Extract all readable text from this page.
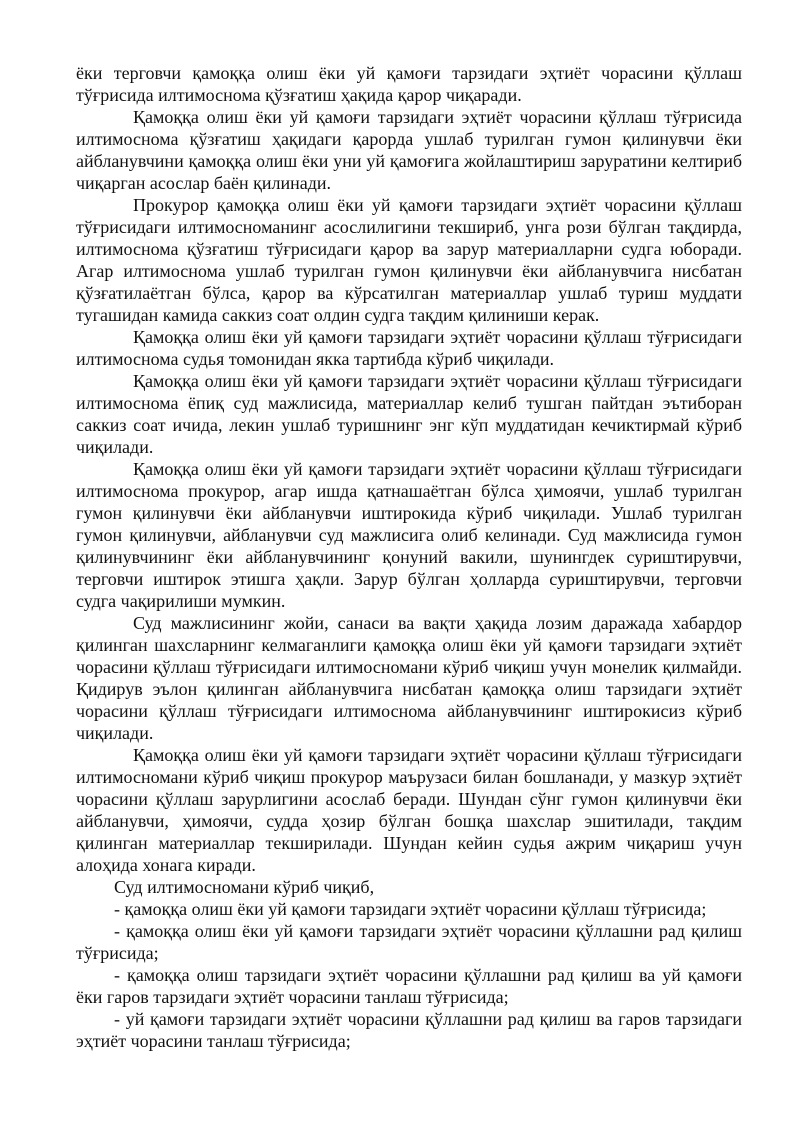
ёки терговчи қамоққа олиш ёки уй қамоғи тарзидаги эҳтиёт чорасини қўллаш тўғрисида илтимоснома қўзғатиш ҳақида қарор чиқаради.

Қамоққа олиш ёки уй қамоғи тарзидаги эҳтиёт чорасини қўллаш тўғрисида илтимоснома қўзғатиш ҳақидаги қарорда ушлаб турилган гумон қилинувчи ёки айбланувчини қамоққа олиш ёки уни уй қамоғига жойлаштириш заруратини келтириб чиқарган асослар баён қилинади.

Прокурор қамоққа олиш ёки уй қамоғи тарзидаги эҳтиёт чорасини қўллаш тўғрисидаги илтимосноманинг асослилигини текшириб, унга рози бўлган тақдирда, илтимоснома қўзғатиш тўғрисидаги қарор ва зарур материалларни судга юборади. Агар илтимоснома ушлаб турилган гумон қилинувчи ёки айбланувчига нисбатан қўзғатилаётган бўлса, қарор ва кўрсатилган материаллар ушлаб туриш муддати тугашидан камида саккиз соат олдин судга тақдим қилиниши керак.

Қамоққа олиш ёки уй қамоғи тарзидаги эҳтиёт чорасини қўллаш тўғрисидаги илтимоснома судья томонидан якка тартибда кўриб чиқилади.

Қамоққа олиш ёки уй қамоғи тарзидаги эҳтиёт чорасини қўллаш тўғрисидаги илтимоснома ёпиқ суд мажлисида, материаллар келиб тушган пайтдан эътиборан саккиз соат ичида, лекин ушлаб туришнинг энг кўп муддатидан кечиктирмай кўриб чиқилади.

Қамоққа олиш ёки уй қамоғи тарзидаги эҳтиёт чорасини қўллаш тўғрисидаги илтимоснома прокурор, агар ишда қатнашаётган бўлса ҳимоячи, ушлаб турилган гумон қилинувчи ёки айбланувчи иштирокида кўриб чиқилади. Ушлаб турилган гумон қилинувчи, айбланувчи суд мажлисига олиб келинади. Суд мажлисида гумон қилинувчининг ёки айбланувчининг қонуний вакили, шунингдек суриштирувчи, терговчи иштирок этишга ҳақли. Зарур бўлган ҳолларда суриштирувчи, терговчи судга чақирилиши мумкин.

Суд мажлисининг жойи, санаси ва вақти ҳақида лозим даражада хабардор қилинган шахсларнинг келмаганлиги қамоққа олиш ёки уй қамоғи тарзидаги эҳтиёт чорасини қўллаш тўғрисидаги илтимосномани кўриб чиқиш учун монелик қилмайди. Қидирув эълон қилинган айбланувчига нисбатан қамоққа олиш тарзидаги эҳтиёт чорасини қўллаш тўғрисидаги илтимоснома айбланувчининг иштирокисиз кўриб чиқилади.

Қамоққа олиш ёки уй қамоғи тарзидаги эҳтиёт чорасини қўллаш тўғрисидаги илтимосномани кўриб чиқиш прокурор маърузаси билан бошланади, у мазкур эҳтиёт чорасини қўллаш зарурлигини асослаб беради. Шундан сўнг гумон қилинувчи ёки айбланувчи, ҳимоячи, судда ҳозир бўлган бошқа шахслар эшитилади, тақдим қилинган материаллар текширилади. Шундан кейин судья ажрим чиқариш учун алоҳида хонага киради.

Суд илтимосномани кўриб чиқиб,

- қамоққа олиш ёки уй қамоғи тарзидаги эҳтиёт чорасини қўллаш тўғрисида;

- қамоққа олиш ёки уй қамоғи тарзидаги эҳтиёт чорасини қўллашни рад қилиш тўғрисида;

- қамоққа олиш тарзидаги эҳтиёт чорасини қўллашни рад қилиш ва уй қамоғи ёки гаров тарзидаги эҳтиёт чорасини танлаш тўғрисида;

- уй қамоғи тарзидаги эҳтиёт чорасини қўллашни рад қилиш ва гаров тарзидаги эҳтиёт чорасини танлаш тўғрисида;
